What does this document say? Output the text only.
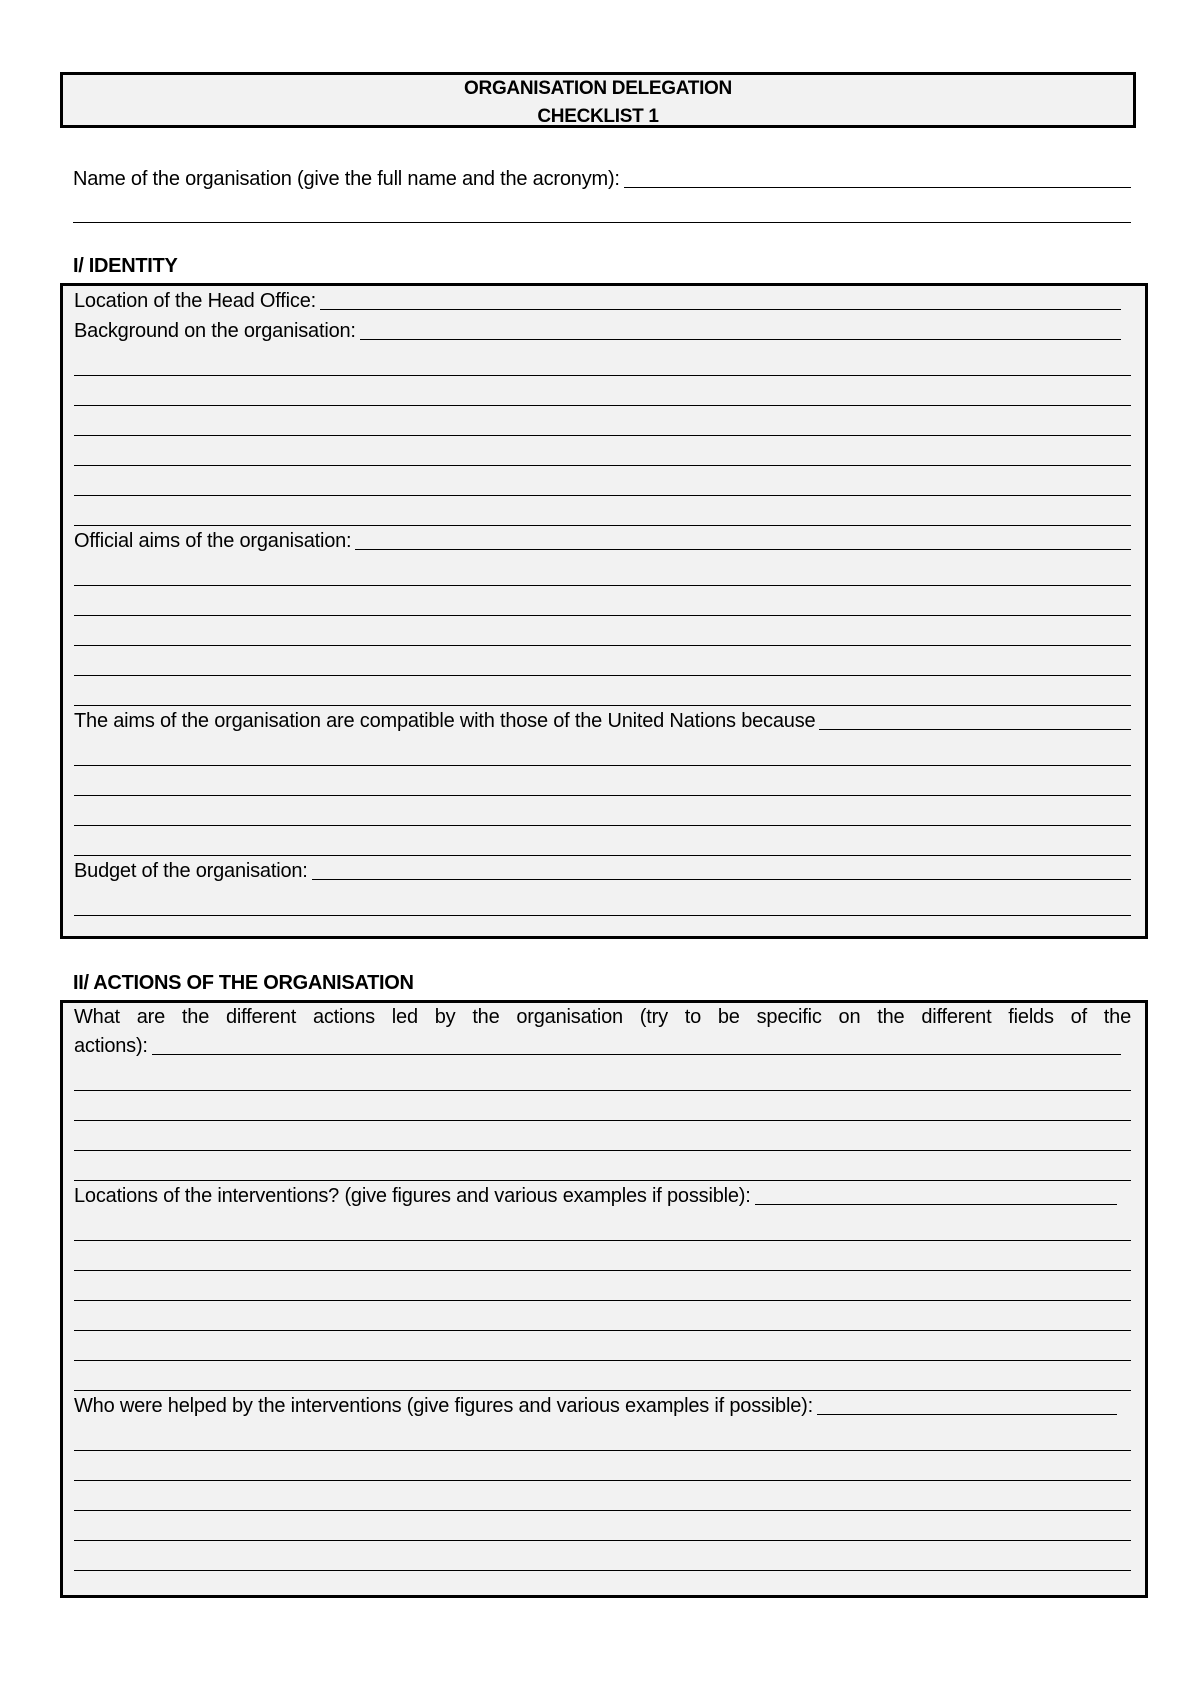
ORGANISATION DELEGATION
CHECKLIST 1
Name of the organisation (give the full name and the acronym):
I/ IDENTITY
Location of the Head Office:
Background on the organisation:
Official aims of the organisation:
The aims of the organisation are compatible with those of the United Nations because
Budget of the organisation:
II/ ACTIONS OF THE ORGANISATION
What are the different actions led by the organisation (try to be specific on the different fields of the
actions):
Locations of the interventions? (give figures and various examples if possible):
Who were helped by the interventions (give figures and various examples if possible):
